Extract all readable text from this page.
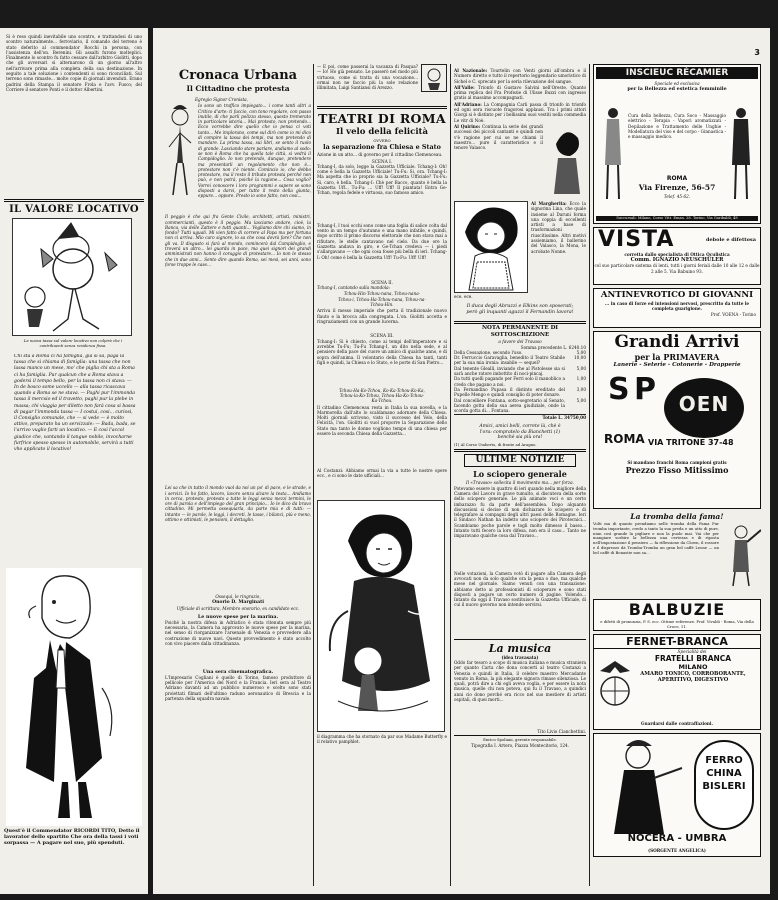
Si è reso quindi inevitabile uno scontro, e trattandosi di uno scontro naturalmente... ferroviario, il comando del terreno è stato deferito al commendator Rocchi in persona, con l'assistenza dell'on. Berenini. Gli assalti furono molteplici. Finalmente lo scontro fu fatto cessare dall'arbitro Giolitti, dopo che gli avversari si alternarono di un giorno all'altro nell'arrivare prima alla completa della sua destinazione. In seguito a tale soluzione i contendenti si sono riconciliati. Sul terreno sono rimaste... molte copie di giornali invenduti. Erano padrini della Stampa il senatore Frola e l'avv. Fusco; del Corriere il senatore Ponti e il dottor Albertini.

IL VALORE LOCATIVO
La nuova tassa sul valore locativo non colpirà che i contribuenti senza residenza fissa.

Chi sta a Roma ci ha famiglia, già si sa, paga la tassa che si chiama di famiglia: una tassa che non lassa manco un mese, mo' che piglia chi sta a Roma ci ha famiglia. Pur qualcun che a Roma stava a godersi il tempo bello, per la tassa non ci stava: — In de bosco some uccello — alla tassa ricascava quando a Roma se ne stava. — Paghi pur l'immonda tassa il mercsio ed il travetto, paghi pur la plebe in massa; chi viaggia per diletto non farà cosa si bassa di pagar l'immonda tassa — I costui, cosi... curiosi, il Consiglio comunale, che — si vede — è molto attivo, preparato ha un servizzale: — Bada, bada, se l'arrivo vuglio farti un locativo. — E così l'accol giudice che, vantando il tangue nobile, invocharne furfrice spesso spesso in automobile, servirà a tutti vho applicato il locativo!

Quest'è il Commendator RICORDI TITO, Detto il lavorator dello spartito Che ora della tassi i voti sorpassa — A pagare nel suo, più spenduti.
3
Cronaca Urbana
Il Cittadino che protesta
Egregio Signor Cronista,

Io sono un traffico impiegato... i come tanti altri a Critico d'arte: ti faccio, con tono regolare, con passo inutile, di che parli polizza stesso, questo tremerato in particolare istoria... Mai protesto, non pretendo... Ecco vorrebbe dire quello che io pensa ci voti tanto... Me implorano, come sul dirò come io mi dico di compire la tassa dei tempi, ma non pretendo di mandare. La prima tassa, sui libri, se sento il ruolo di grande. Lasciando stare parlare, andiamo al sodo: se non è Roma che ha quella tale città, si vedrà il Campidoglio. Io non pretendo, dunque, pretendere ma presentarli un regolamento che non è... protestare non c'è niente. Comincio io, che debbo protestare, ma il resto il tributo protesta perché non può, e non potrà, poiché la ragione... Cosa voglio? Vorrei conoscere i loro programmi e sapere se sono disposti a darvi, per tutto il resto della giunta, eppure... oppure. Presto io sono fatto, non cosi...

Il peggio è che qui fra Gente Civile, architetti, artisti, ministri, commercianti, questo è il peggio. Ma lasciamo andare, cioè, la Banca, via delle Zattere e tutti quanti... Vogliamo dire chi siamo, in fondo? Tutti uguali. Mi vien fatto di correre al Papa ma per fortuna non ci arriva. Mio caro signore, lo sa che cosa dovrà fare? Che non gli va. Il disgusto si farà al mondo, comincerà dal Campidoglio, e troverà un altro... lei guarda in pace, ma quei signori dei grandi amministrati non hanno il coraggio di protestare... Io non le stesso che in due anni... Sento dire quando Roma, sei mesi, sei anni, sono forse troppe le case...

Lei sa che in tutto il mondo vuol da noi un po' di pace, e le strade, e i servizi. Io ho fatto, lavoro, lavoro senza alzare la testa... Andiamo in cerca, protesto, protesto a tutte le leggi senza mezzi termini, le ore di parola e dell'impiego del gran principio... Io le dico da bravo cittadino. Mi permetta ossequiarla, da parte mia e di tutti: — intanto — le parole, le leggi, i decreti, le tasse, i bilanci, più e meno, ottimo e ottimisti, le pensioni, il dettaglio.

Ossequi, le ringrazio,
Onorio D. Marginati
Ufficiale di scrittura, Membro onorario, ex candidato ecc.
Le nuove spese per la marina.

Poiché la nostra difesa in Adriatico è stata ritenuta sempre più necessaria, la Camera ha approvato le nuove spese per la marina, nel senso di riorganizzare l'arsenale di Venezia e provvedere alla costruzione di nuove navi. Questo provvedimento è stato accolto con vivo piacere dalla cittadinanza.

Una sera cinematografica.

L'Impresario Cogliani è quello di Torino, famoso produttore di pellicole per l'America del Nord e la Francia. Ieri sera al Teatro Adriano davanti ad un pubblico numeroso e scelto sono stati proiettati filmati dell'ultimo raduno aeronautico di Brescia e la partenza della squadra navale.

— E poi, come passerai la vacanza di Pasqua? — Io! Ho già pensato. Le passerò nel modo più virtuoso, come si tratta di una vocazione... ormai non ne faccio più la sole relazione illimitata, Luigi Santiansi di Arezzo.

TEATRI DI ROMA
Il velo della felicità
OVVERO
la separazione fra Chiesa e Stato

Azione in un atto... di governo per il cittadino Clemenceau.

SCENA I.

Tchang-I, da solo, legge la Gazzetta Ufficiale. Tchang-I: Oh! come è bella la Gazzetta Ufficiale! Tu-Fu: Si, ora. Tchang-I: Ma aspetta che io proprio sia la Gazzetta Ufficiale? Tu-Fu: Si, caro, è bella. Tchang-I: Chè per Bacco, quanto è bella la Gazzetta Uff... Tu-Fu: ... Uff! Uff! Il piantata! Entra Ge-Tchan, regola fedele e virtuosa, suo famoso amico.

Tchang-I, I tuoi occhi sono come una foglia di salice colta dal vento in un tempo d'autunno e una mano infatile, e quindi, dopo scritto il primo discorso elettorale che non stava mai a rifiutare, le stelle cantavano nel cielo. Da due ore la Gazzetta andava in giro, e Ge-Tchan credeva — i piedi s'allargavano — che ogni cosa fosse più bella di ieri. Tchang-I: Oh! come è bella la Gazzetta Uff! Tu-Fu: Uff! Uff!

SCENA II.

Tchang-I, cantando sulla mandola:

Tchou-Hin-Tchou-nana, Tchou-nana-Tchou-i, Tchou-Ha-Tchou-nana, Tchou-na-Tchou-Hin.

Arriva il messo imperiale che porta il tradizionale nuovo flauto e la brocca alla congregata. L'on. Giolitti accetta e ringraziamenti con un grande lucerna.

SCENA III.

Tchang-I: Si è chiesto, come ai tempi dell'imperatore e si avrebbe Tu-Fu; Tu-Fu Tchang-I, un dito nella sede, e al pensiero della pace del cuore un amico di qualche anno, e di sopra dell'anima. Il volontario della Chiesa ha tanti, tanti figli e quindi, la Chiesa e lo Stato, e le porte di San Pietro...

Tchou-Ha-Ko-Tchou, Ko-Ka-Tchou-Ko-Ka, Tchou-la-Ko-Tchou, Tchou-Ha-Ko-Tchou-Ka-Tchou.

Il cittadino Clemenceau resta in Italia la sua novella, e la Marmorella dall'alto lo scaldamano adornare della Chiesa. Molti giornali scrivono, visto il successo del Velo, della Felicità, l'on. Giolitti si vuol proporre la Separazione dello Stato ma tanto le donne vogliono tempo di una chiesa per essere la seconda Chiesa della Gazzetta...

Al Costanzi: Abbiamo ormai la via a tutte le nostre opere ecc., e ci sono le date ufficiali...

il diagramma che ha stornato da par suo Madame Butterfly e il relativo pamphlet.

Al Nazionale: Tourtelin con Venti giorni all'ombra e il Numero diretto e tutto il repertorio leggendario umoristico di Sichel e C. sprecato per la seria rilevazione del sangue.

All'Valle: Trionfo di Gustavo Salvini nell'Oreste. Quanto prima replica del Fra Profezie di Ulisse Buzzi con ingresso gratis al massimo accompagnati.

All'Adriano: La Compagnia Carli passa di trionfo in trionfo ed ogni sera riscuote fragorosi applausi. Tra i primi attori Giorgi si è distinto per i bellissimi suoi vestiti nella commedia Le vitr di Noè.

Al Quirino: Continua la serie dei grandi successi dei piccoli cantanti e quindi non v'è ragione per cui se ne chiami il maestro... pure il caratteristico e il tenore Valasco.

Al Margherita: Ecco la signorina Lina, che quale insieme al Daruni forma una coppia di eccellenti artisti a base di trasformazioni riuscitissime. Altri motivi assiemiamo, il ballerino del Valasco, la Mona, le acrobate Nonne.

ece. ece.

Il duca degli Abruzzi e Elkins son sposerati; però gli inquanti aguzzi il Fernandin lavora!

NOTA PERMANENTE DI SOTTOSCRIZIONE
a favore del Travaso
Somma precedente L. 6240.10
Della Cessazione, secondo l'uso.	5,00
Dr. Ferruccio Garavaglia, benedito il Teatro Stabile per la sua mia ironia: insabile — sequel?
10,00
Dal tenente Gleallì, inviando che al Pistolesse sia si sarà anche ratore imbottito di noci-pincaj.
5,00
Da tutti quelli pagando per Ferri solo il manoblico a credo che pagano a noi.
1,00
Da Fernandino Pupasa il distinto ereditato del Pupelle Mengo e quindi consiglio di poter donare.
3,00
Dal concelliere Fontana, sotto-segretario al Senato, facendo gotta della sua aerea giudiziale, onde la scorda gotta di... Fontana.
5,00
Totale L. 34750,00

Amici, amici belli, correte là, chè è l'ora: compratelo da Bianchetti (1) benchè sia più ora!

(1) Al Corso Umberto, di fronte ad Aragno.

ULTIME NOTIZIE
Lo sciopero generale
Il «Travaso» sollecita il movimento ma... per forza.

Potevamo essere in quattro di ieri quando nella migliore della Camera del Lavoro in grave tumulto, si discuteva della sorte dello sciopero generale. Le più animate voci e un certo imbarazzo fu da parte dell'assemblea. Dopo alquanto discussioni si decise di non dichiarare lo sciopero e di telegrafare ai compagni degli altri paesi delle Romagne. Ieri il Sindaco Nathan ha indetto uno sciopero dei Pirotecnici... Scambiamo poche parole e togli molto dimesso il basso... Intanto tutti fecero la loro difesa, non era il caso... Tanto ne imparavano qualche cosa dal Travaso...

Nelle votazioni, la Camera votò di pagare alla Camera degli avvocati non da solo qualche ora la pena o due, ma qualche mese nel giornale. Siamo venuti con una transazione: abbiamo detto ai professionisti di scioperare e sono stati disposti a pagare un certo numero di pagine. Volendo... Intanto da oggi il Travaso sostituisce la Gazzetta Ufficiale, di cui il nuovo governo non intende servirsi.

La musica
(idea travasata)

Oddo far tesoro a scopo di musica italiana e musica straniera per quanto Carta che dona concerti al teatro Costanzi a Venezia e quindi in Italia, il celebre maestro Mercadante venuto in Roma, la più elegante signora rimase silenziosa. Le quali, potrà dire a chi egli aveva voglia, e per essere la nota musica, quelle chi non poteva, qui fu il Travaso, a quindici anni cio dono perché era ricco nel suo mestiere di artisti ospitali, di quei morti...

Tito Livio Cianchettini.
Enrico Spoliani, gerente responsabile.
Tipografia I. Artero, Piazza Montecitorio, 124.
INSCIEUC RÉCAMIER
Speciale ed esclusiva
per la Bellezza ed estetica femminile

Cura della bellezza, Cura Soco - Massaggio elettrico - Terapia - Vapori aromatizzati - Depilazione e Trattamento delle Unghie - Modellatura del viso e del corpo - Ginnastica - e massaggio medico.

ROMA
Via Firenze, 56-57
Telef. 45-62.
Succursali: Milano, Corso Vitt. Eman. 28. Torino, Via Garibaldi, 48
VISTA	debole e difettosa
corretta dallo specialista di Ottica Oculistica
Comm. IGNAZIO NEUSCHÜLER
col suo particolare sistema di lenti, tutti i giorni feriali dalle 10 alle 12 e dalle 2 alle 5. Via Babuino 93.
ANTINEVROTICO DI GIOVANNI
... in caso di forze ed intensioni nervosi, prescritto da tutte le completa guarigione.
Prof. VOENA - Torino
Grandi Arrivi
per la PRIMAVERA
Lanerie - Seterie - Cotonerie - Drapperie
S P	OEN
ROMA VIA TRITONE 37-48
Si mandano franchi Roma campioni gratis
Prezzo Fisso Mitissimo
La tromba della fama!

Volti ma di quanto prendiamo nelle tromba della Fama Pur tromba importante, credo a tanto la sua preda e un atto di pure, niun così grande la pigliare e non la puole mai. Vai che per mangiare sorbire la bellezza una certezza e di riposta nell'impostazione il pensiero — fa riflessione da Clown, il rossore e il disprezzo dà Tromba-Tromba un gran bel caffè Leone — un bel caffè di Bonastie non sa...

BALBUZIE
e difetti di pronunzia, P. S. ecc. Ottime referenze. Prof. Vivaldi - Roma, Via della Croce, 11.
FERNET-BRANCA
Specialità dei
FRATELLI BRANCA
MILANO
AMARO TONICO, CORROBORANTE, APERITIVO, DIGESTIVO
Guardarsi dalle contraffazioni.
FERRO CHINA BISLERI
NOCERA - UMBRA
(SORGENTE ANGELICA)
